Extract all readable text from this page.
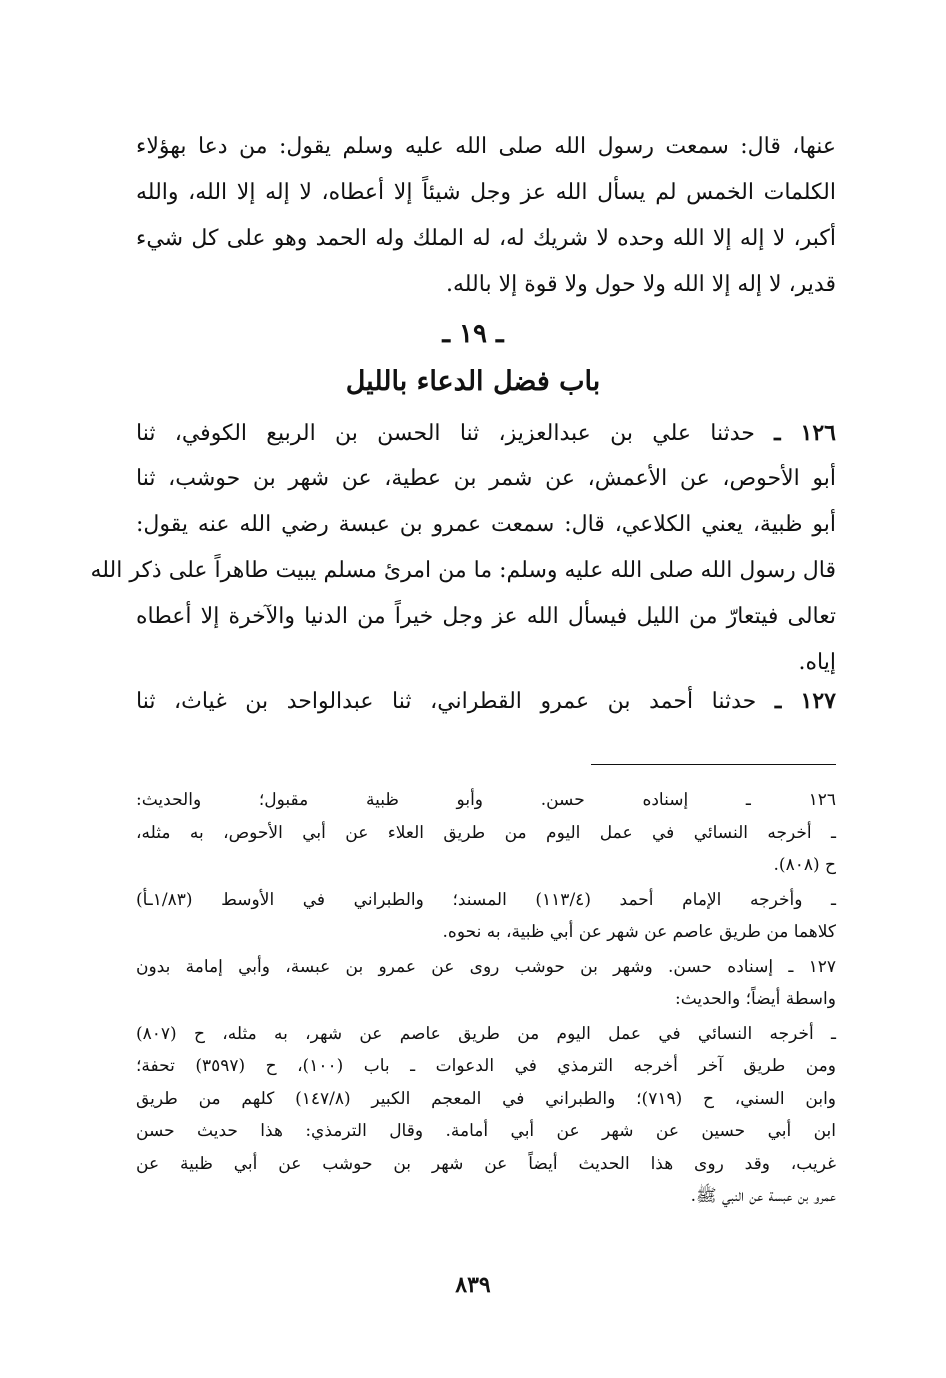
عنها، قال: سمعت رسول الله صلى الله عليه وسلم يقول: من دعا بهؤلاء
الكلمات الخمس لم يسأل الله عز وجل شيئاً إلا أعطاه، لا إله إلا الله، والله
أكبر، لا إله إلا الله وحده لا شريك له، له الملك وله الحمد وهو على كل شيء
قدير، لا إله إلا الله ولا حول ولا قوة إلا بالله.
ـ ١٩ ـ
باب فضل الدعاء بالليل
١٢٦ ـ حدثنا علي بن عبدالعزيز، ثنا الحسن بن الربيع الكوفي، ثنا
أبو الأحوص، عن الأعمش، عن شمر بن عطية، عن شهر بن حوشب، ثنا
أبو ظبية، يعني الكلاعي، قال: سمعت عمرو بن عبسة رضي الله عنه يقول:
قال رسول الله صلى الله عليه وسلم: ما من امرئ مسلم يبيت طاهراً على ذكر الله
تعالى فيتعارّ من الليل فيسأل الله عز وجل خيراً من الدنيا والآخرة إلا أعطاه
إياه.
١٢٧ ـ حدثنا أحمد بن عمرو القطراني، ثنا عبدالواحد بن غياث، ثنا
١٢٦ ـ إسناده حسن. وأبو ظبية مقبول؛ والحديث:
ـ أخرجه النسائي في عمل اليوم من طريق العلاء عن أبي الأحوص، به مثله،
ح (٨٠٨).
ـ وأخرجه الإمام أحمد (١١٣/٤) المسند؛ والطبراني في الأوسط (١/٨٣ـأ)
كلاهما من طريق عاصم عن شهر عن أبي ظبية، به نحوه.
١٢٧ ـ إسناده حسن. وشهر بن حوشب روى عن عمرو بن عبسة، وأبي إمامة بدون
واسطة أيضاً؛ والحديث:
ـ أخرجه النسائي في عمل اليوم من طريق عاصم عن شهر، به مثله، ح (٨٠٧)
ومن طريق آخر أخرجه الترمذي في الدعوات ـ باب (١٠٠)، ح (٣٥٩٧) تحفة؛
وابن السني، ح (٧١٩)؛ والطبراني في المعجم الكبير (١٤٧/٨) كلهم من طريق
ابن أبي حسين عن شهر عن أبي أمامة. وقال الترمذي: هذا حديث حسن
غريب، وقد روى هذا الحديث أيضاً عن شهر بن حوشب عن أبي ظبية عن
عمرو بن عبسة عن النبي ﷺ.
٨٣٩
